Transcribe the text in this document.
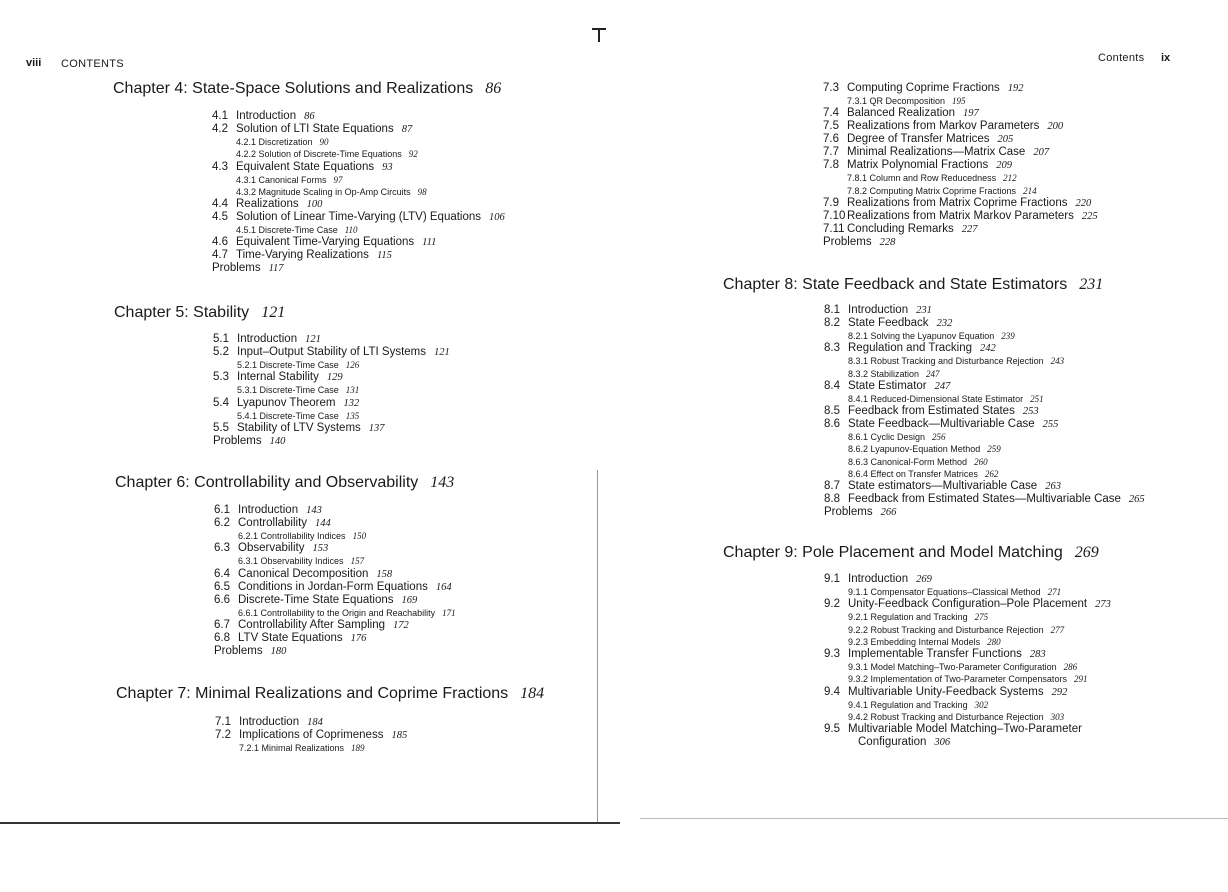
viii CONTENTS	Contents ix
Chapter 4: State-Space Solutions and Realizations 86
4.1 Introduction 86
4.2 Solution of LTI State Equations 87
4.2.1 Discretization 90
4.2.2 Solution of Discrete-Time Equations 92
4.3 Equivalent State Equations 93
4.3.1 Canonical Forms 97
4.3.2 Magnitude Scaling in Op-Amp Circuits 98
4.4 Realizations 100
4.5 Solution of Linear Time-Varying (LTV) Equations 106
4.5.1 Discrete-Time Case 110
4.6 Equivalent Time-Varying Equations 111
4.7 Time-Varying Realizations 115
Problems 117
Chapter 5: Stability 121
5.1 Introduction 121
5.2 Input–Output Stability of LTI Systems 121
5.2.1 Discrete-Time Case 126
5.3 Internal Stability 129
5.3.1 Discrete-Time Case 131
5.4 Lyapunov Theorem 132
5.4.1 Discrete-Time Case 135
5.5 Stability of LTV Systems 137
Problems 140
Chapter 6: Controllability and Observability 143
6.1 Introduction 143
6.2 Controllability 144
6.2.1 Controllability Indices 150
6.3 Observability 153
6.3.1 Observability Indices 157
6.4 Canonical Decomposition 158
6.5 Conditions in Jordan-Form Equations 164
6.6 Discrete-Time State Equations 169
6.6.1 Controllability to the Origin and Reachability 171
6.7 Controllability After Sampling 172
6.8 LTV State Equations 176
Problems 180
Chapter 7: Minimal Realizations and Coprime Fractions 184
7.1 Introduction 184
7.2 Implications of Coprimeness 185
7.2.1 Minimal Realizations 189
7.3 Computing Coprime Fractions 192
7.3.1 QR Decomposition 195
7.4 Balanced Realization 197
7.5 Realizations from Markov Parameters 200
7.6 Degree of Transfer Matrices 205
7.7 Minimal Realizations—Matrix Case 207
7.8 Matrix Polynomial Fractions 209
7.8.1 Column and Row Reducedness 212
7.8.2 Computing Matrix Coprime Fractions 214
7.9 Realizations from Matrix Coprime Fractions 220
7.10 Realizations from Matrix Markov Parameters 225
7.11 Concluding Remarks 227
Problems 228
Chapter 8: State Feedback and State Estimators 231
8.1 Introduction 231
8.2 State Feedback 232
8.2.1 Solving the Lyapunov Equation 239
8.3 Regulation and Tracking 242
8.3.1 Robust Tracking and Disturbance Rejection 243
8.3.2 Stabilization 247
8.4 State Estimator 247
8.4.1 Reduced-Dimensional State Estimator 251
8.5 Feedback from Estimated States 253
8.6 State Feedback—Multivariable Case 255
8.6.1 Cyclic Design 256
8.6.2 Lyapunov-Equation Method 259
8.6.3 Canonical-Form Method 260
8.6.4 Effect on Transfer Matrices 262
8.7 State estimators—Multivariable Case 263
8.8 Feedback from Estimated States—Multivariable Case 265
Problems 266
Chapter 9: Pole Placement and Model Matching 269
9.1 Introduction 269
9.1.1 Compensator Equations–Classical Method 271
9.2 Unity-Feedback Configuration–Pole Placement 273
9.2.1 Regulation and Tracking 275
9.2.2 Robust Tracking and Disturbance Rejection 277
9.2.3 Embedding Internal Models 280
9.3 Implementable Transfer Functions 283
9.3.1 Model Matching–Two-Parameter Configuration 286
9.3.2 Implementation of Two-Parameter Compensators 291
9.4 Multivariable Unity-Feedback Systems 292
9.4.1 Regulation and Tracking 302
9.4.2 Robust Tracking and Disturbance Rejection 303
9.5 Multivariable Model Matching–Two-Parameter
Configuration 306
